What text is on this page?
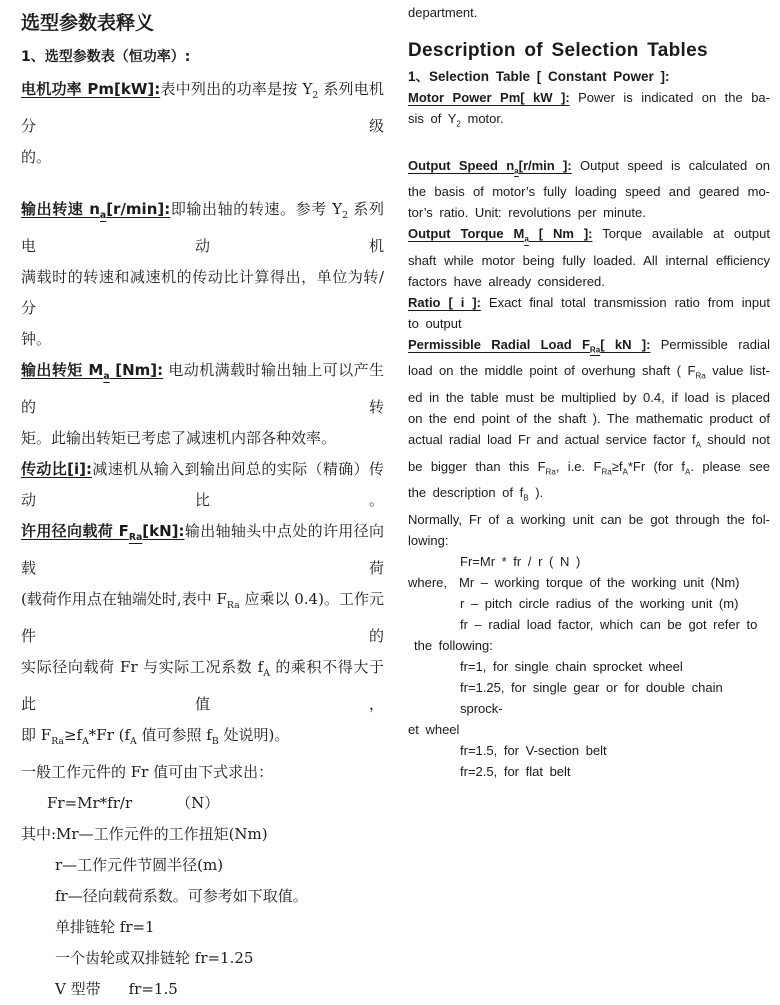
选型参数表释义
1、选型参数表（恒功率）:
电机功率 Pm[kW]:表中列出的功率是按 $Y_2$ 系列电机分级
的。
输出转速 $n_a[r/\min]$:即输出轴的转速。参考 $Y_2$ 系列电动机
满载时的转速和减速机的传动比计算得出，单位为转/分
钟。
输出转矩 $M_a$ [Nm]: 电动机满载时输出轴上可以产生的转
矩。此输出转矩已考虑了减速机内部各种效率。
传动比[i]:减速机从输入到输出间总的实际（精确）传动比。
许用径向载荷 $F_{Ra}[kN]$:输出轴轴头中点处的许用径向载荷
(载荷作用点在轴端处时,表中 $F_{Ra}$ 应乘以 0.4)。工作元件的
实际径向载荷 Fr 与实际工况系数 $f_A$ 的乘积不得大于此值，
即 $F_{Ra}\ge f_A*Fr$ ($f_A$ 值可参照 $f_B$ 处说明)。
一般工作元件的 Fr 值可由下式求出：
Fr=Mr*fr/r	（N）
其中:Mr—工作元件的工作扭矩(Nm)
r—工作元件节圆半径(m)
fr—径向载荷系数。可参考如下取值。
单排链轮 fr=1
一个齿轮或双排链轮 fr=1.25
V 型带 fr=1.5
department.
Description of Selection Tables
1、Selection Table [ Constant Power ]:
Motor Power Pm[ kW ]: Power is indicated on the ba-
sis of $Y_2$ motor.
Output Speed $n_a[r/\min$ ]: Output speed is calculated on
the basis of motor’s fully loading speed and geared mo-
tor’s ratio. Unit: revolutions per minute.
Output Torque $M_a$ [ Nm ]: Torque available at output
shaft while motor being fully loaded. All internal efficiency
factors have already considered.
Ratio [ i ]: Exact final total transmission ratio from input
to output
Permissible Radial Load $F_{Ra}$[ kN ]: Permissible radial
load on the middle point of overhung shaft ( $F_{Ra}$ value list-
ed in the table must be multiplied by 0.4, if load is placed
on the end point of the shaft ). The mathematic product of
actual radial load Fr and actual service factor $f_A$ should not
be bigger than this $F_{Ra}$, i.e. $F_{Ra}\ge f_A*Fr$ (for $f_A$. please see
the description of $f_B$ ).
Normally, Fr of a working unit can be got through the fol-
lowing:
Fr=Mr * fr / r ( N )
where, Mr – working torque of the working unit (Nm)
r – pitch circle radius of the working unit (m)
fr – radial load factor, which can be got refer to
the following:
fr=1, for single chain sprocket wheel
fr=1.25, for single gear or for double chain sprock-
et wheel
fr=1.5, for V-section belt
fr=2.5, for flat belt
